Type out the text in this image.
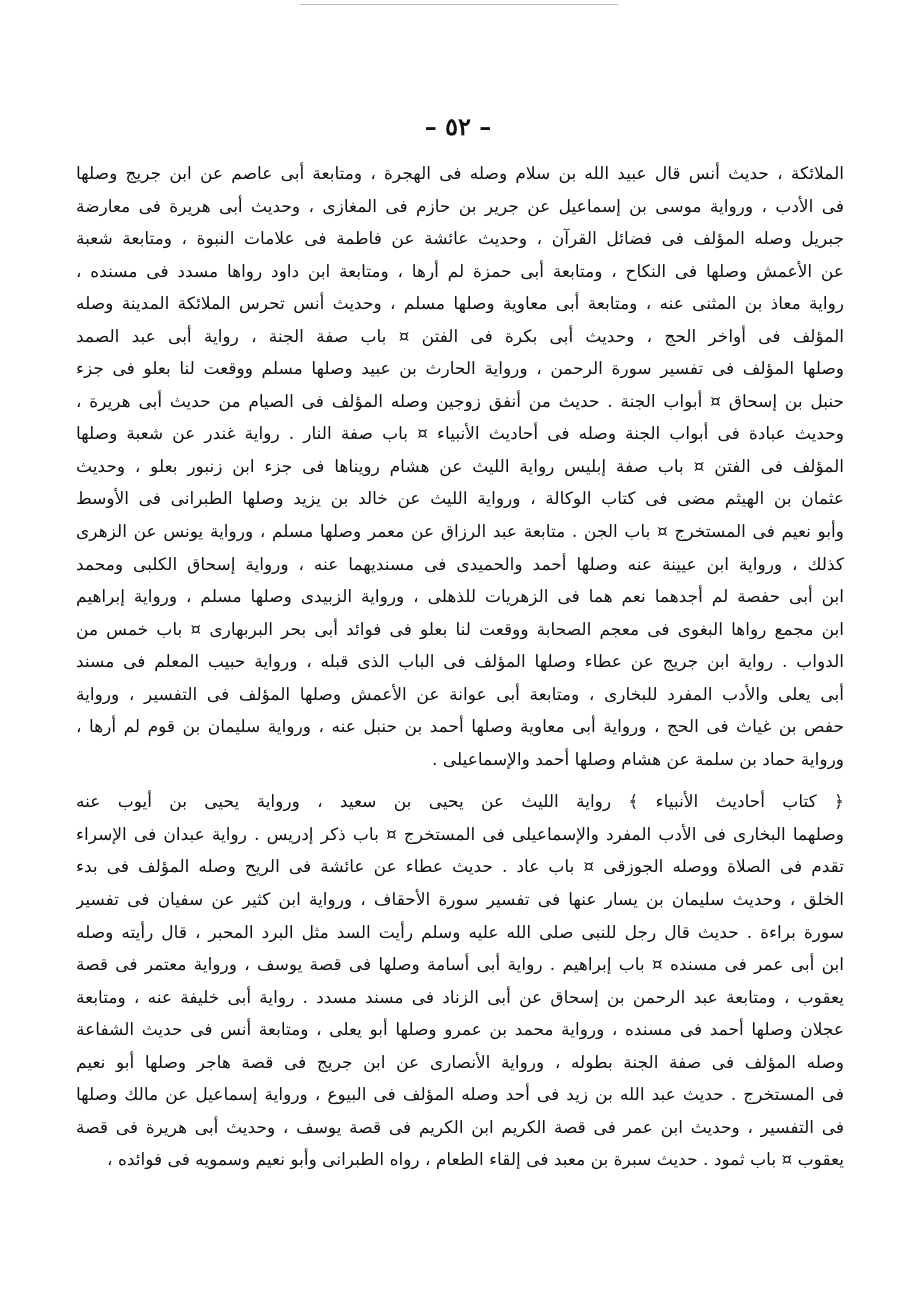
– ٥٢ –
الملائكة ، حديث أنس قال عبيد الله بن سلام وصله فى الهجرة ، ومتابعة أبى عاصم عن ابن جريج وصلها
فى الأدب ، ورواية موسى بن إسماعيل عن جرير بن حازم فى المغازى ، وحديث أبى هريرة فى معارضة
جبريل وصله المؤلف فى فضائل القرآن ، وحديث عائشة عن فاطمة فى علامات النبوة ، ومتابعة شعبة
عن الأعمش وصلها فى النكاح ، ومتابعة أبى حمزة لم أرها ، ومتابعة ابن داود رواها مسدد فى مسنده ،
رواية معاذ بن المثنى عنه ، ومتابعة أبى معاوية وصلها مسلم ، وحديث أنس تحرس الملائكة المدينة وصله
المؤلف فى أواخر الحج ، وحديث أبى بكرة فى الفتن ¤ باب صفة الجنة ، رواية أبى عبد الصمد
وصلها المؤلف فى تفسير سورة الرحمن ، ورواية الحارث بن عبيد وصلها مسلم ووقعت لنا بعلو فى جزء
حنبل بن إسحاق ¤ أبواب الجنة . حديث من أنفق زوجين وصله المؤلف فى الصيام من حديث أبى هريرة ،
وحديث عبادة فى أبواب الجنة وصله فى أحاديث الأنبياء ¤ باب صفة النار . رواية غندر عن شعبة وصلها
المؤلف فى الفتن ¤ باب صفة إبليس رواية الليث عن هشام رويناها فى جزء ابن زنبور بعلو ، وحديث
عثمان بن الهيثم مضى فى كتاب الوكالة ، ورواية الليث عن خالد بن يزيد وصلها الطبرانى فى الأوسط
وأبو نعيم فى المستخرج ¤ باب الجن . متابعة عبد الرزاق عن معمر وصلها مسلم ، ورواية يونس عن الزهرى
كذلك ، ورواية ابن عيينة عنه وصلها أحمد والحميدى فى مسنديهما عنه ، ورواية إسحاق الكلبى ومحمد
ابن أبى حفصة لم أجدهما نعم هما فى الزهريات للذهلى ، ورواية الزبيدى وصلها مسلم ، ورواية إبراهيم
ابن مجمع رواها البغوى فى معجم الصحابة ووقعت لنا بعلو فى فوائد أبى بحر البربهارى ¤ باب خمس من
الدواب . رواية ابن جريج عن عطاء وصلها المؤلف فى الباب الذى قبله ، ورواية حبيب المعلم فى مسند
أبى يعلى والأدب المفرد للبخارى ، ومتابعة أبى عوانة عن الأعمش وصلها المؤلف فى التفسير ، ورواية
حفص بن غياث فى الحج ، ورواية أبى معاوية وصلها أحمد بن حنبل عنه ، ورواية سليمان بن قوم لم أرها ،
ورواية حماد بن سلمة عن هشام وصلها أحمد والإسماعيلى .
﴿ كتاب أحاديث الأنبياء ﴾ رواية الليث عن يحيى بن سعيد ، ورواية يحيى بن أيوب عنه
وصلهما البخارى فى الأدب المفرد والإسماعيلى فى المستخرج ¤ باب ذكر إدريس . رواية عبدان فى الإسراء
تقدم فى الصلاة ووصله الجوزقى ¤ باب عاد . حديث عطاء عن عائشة فى الريح وصله المؤلف فى بدء
الخلق ، وحديث سليمان بن يسار عنها فى تفسير سورة الأحقاف ، ورواية ابن كثير عن سفيان فى تفسير
سورة براءة . حديث قال رجل للنبى صلى الله عليه وسلم رأيت السد مثل البرد المحبر ، قال رأيته وصله
ابن أبى عمر فى مسنده ¤ باب إبراهيم . رواية أبى أسامة وصلها فى قصة يوسف ، ورواية معتمر فى قصة
يعقوب ، ومتابعة عبد الرحمن بن إسحاق عن أبى الزناد فى مسند مسدد . رواية أبى خليفة عنه ، ومتابعة
عجلان وصلها أحمد فى مسنده ، ورواية محمد بن عمرو وصلها أبو يعلى ، ومتابعة أنس فى حديث الشفاعة
وصله المؤلف فى صفة الجنة بطوله ، ورواية الأنصارى عن ابن جريج فى قصة هاجر وصلها أبو نعيم
فى المستخرج . حديث عبد الله بن زيد فى أحد وصله المؤلف فى البيوع ، ورواية إسماعيل عن مالك وصلها
فى التفسير ، وحديث ابن عمر فى قصة الكريم ابن الكريم فى قصة يوسف ، وحديث أبى هريرة فى قصة
يعقوب ¤ باب ثمود . حديث سبرة بن معبد فى إلقاء الطعام ، رواه الطبرانى وأبو نعيم وسمويه فى فوائده ،
